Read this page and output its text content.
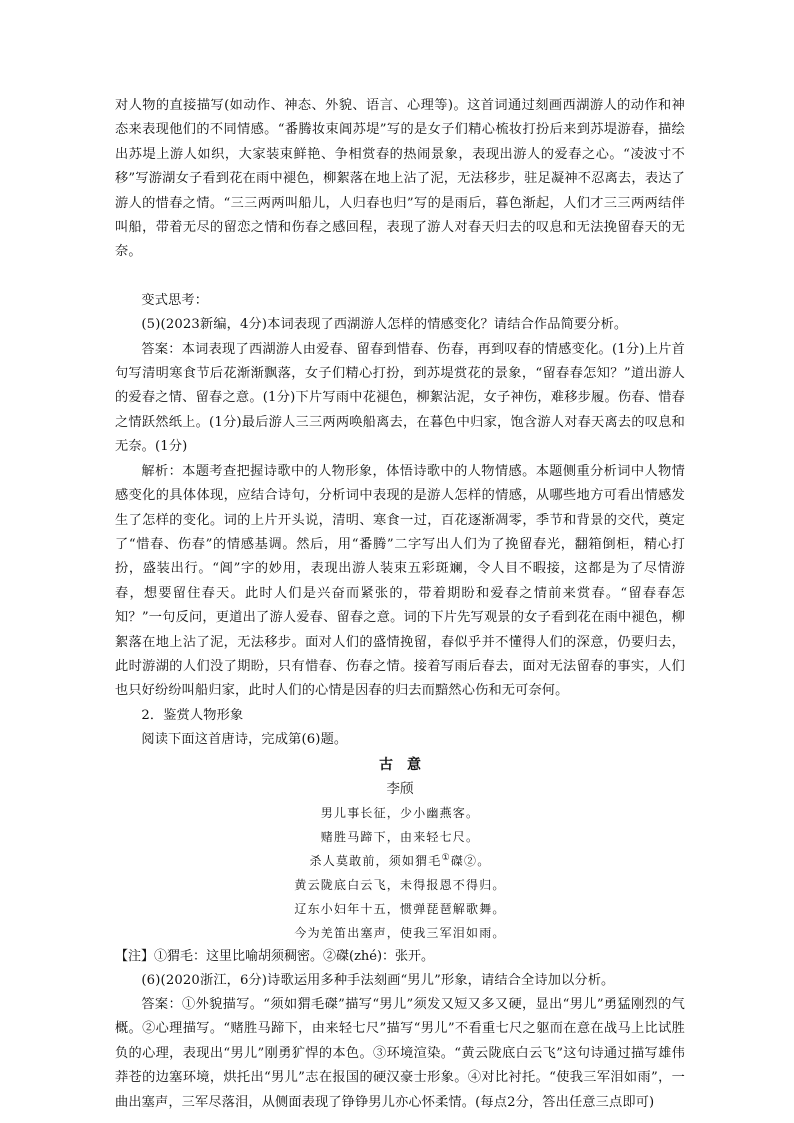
对人物的直接描写(如动作、神态、外貌、语言、心理等)。这首词通过刻画西湖游人的动作和神态来表现他们的不同情感。“番腾妆束阊苏堤”写的是女子们精心梳妆打扮后来到苏堤游春，描绘出苏堤上游人如织，大家装束鲜艳、争相赏春的热闹景象，表现出游人的爱春之心。“凌波寸不移”写游湖女子看到花在雨中褪色，柳絮落在地上沾了泥，无法移步，驻足凝神不忍离去，表达了游人的惜春之情。“三三两两叫船儿，人归春也归”写的是雨后，暮色渐起，人们才三三两两结伴叫船，带着无尽的留恋之情和伤春之感回程，表现了游人对春天归去的叹息和无法挽留春天的无奈。

变式思考：

(5)(2023新编，4分)本词表现了西湖游人怎样的情感变化？请结合作品简要分析。

答案：本词表现了西湖游人由爱春、留春到惜春、伤春，再到叹春的情感变化。(1分)上片首句写清明寒食节后花渐渐飘落，女子们精心打扮，到苏堤赏花的景象，“留春春怎知？”道出游人的爱春之情、留春之意。(1分)下片写雨中花褪色，柳絮沾泥，女子神伤，难移步履。伤春、惜春之情跃然纸上。(1分)最后游人三三两两唤船离去，在暮色中归家，饱含游人对春天离去的叹息和无奈。(1分)

解析：本题考查把握诗歌中的人物形象，体悟诗歌中的人物情感。本题侧重分析词中人物情感变化的具体体现，应结合诗句，分析词中表现的是游人怎样的情感，从哪些地方可看出情感发生了怎样的变化。词的上片开头说，清明、寒食一过，百花逐渐凋零，季节和背景的交代，奠定了“惜春、伤春”的情感基调。然后，用“番腾”二字写出人们为了挽留春光，翻箱倒柜，精心打扮，盛装出行。“阊”字的妙用，表现出游人装束五彩斑斓，令人目不暇接，这都是为了尽情游春，想要留住春天。此时人们是兴奋而紧张的，带着期盼和爱春之情前来赏春。“留春春怎知？”一句反问，更道出了游人爱春、留春之意。词的下片先写观景的女子看到花在雨中褪色，柳絮落在地上沾了泥，无法移步。面对人们的盛情挽留，春似乎并不懂得人们的深意，仍要归去，此时游湖的人们没了期盼，只有惜春、伤春之情。接着写雨后春去，面对无法留春的事实，人们也只好纷纷叫船归家，此时人们的心情是因春的归去而黯然心伤和无可奈何。

2．鉴赏人物形象

阅读下面这首唐诗，完成第(6)题。

古意

李颀

男儿事长征，少小幽燕客。

赌胜马蹄下，由来轻七尺。

杀人莫敢前，须如猬毛①磔②。

黄云陇底白云飞，未得报恩不得归。

辽东小妇年十五，惯弹琵琶解歌舞。

今为羌笛出塞声，使我三军泪如雨。

【注】①猬毛：这里比喻胡须稠密。②磔(zhé)：张开。

(6)(2020浙江，6分)诗歌运用多种手法刻画“男儿”形象，请结合全诗加以分析。

答案：①外貌描写。“须如猬毛磔”描写“男儿”须发又短又多又硬，显出“男儿”勇猛刚烈的气概。②心理描写。“赌胜马蹄下，由来轻七尺”描写“男儿”不看重七尺之躯而在意在战马上比试胜负的心理，表现出“男儿”刚勇犷悍的本色。③环境渲染。“黄云陇底白云飞”这句诗通过描写雄伟莽苍的边塞环境，烘托出“男儿”志在报国的硬汉豪士形象。④对比衬托。“使我三军泪如雨”，一曲出塞声，三军尽落泪，从侧面表现了铮铮男儿亦心怀柔情。(每点2分，答出任意三点即可)
